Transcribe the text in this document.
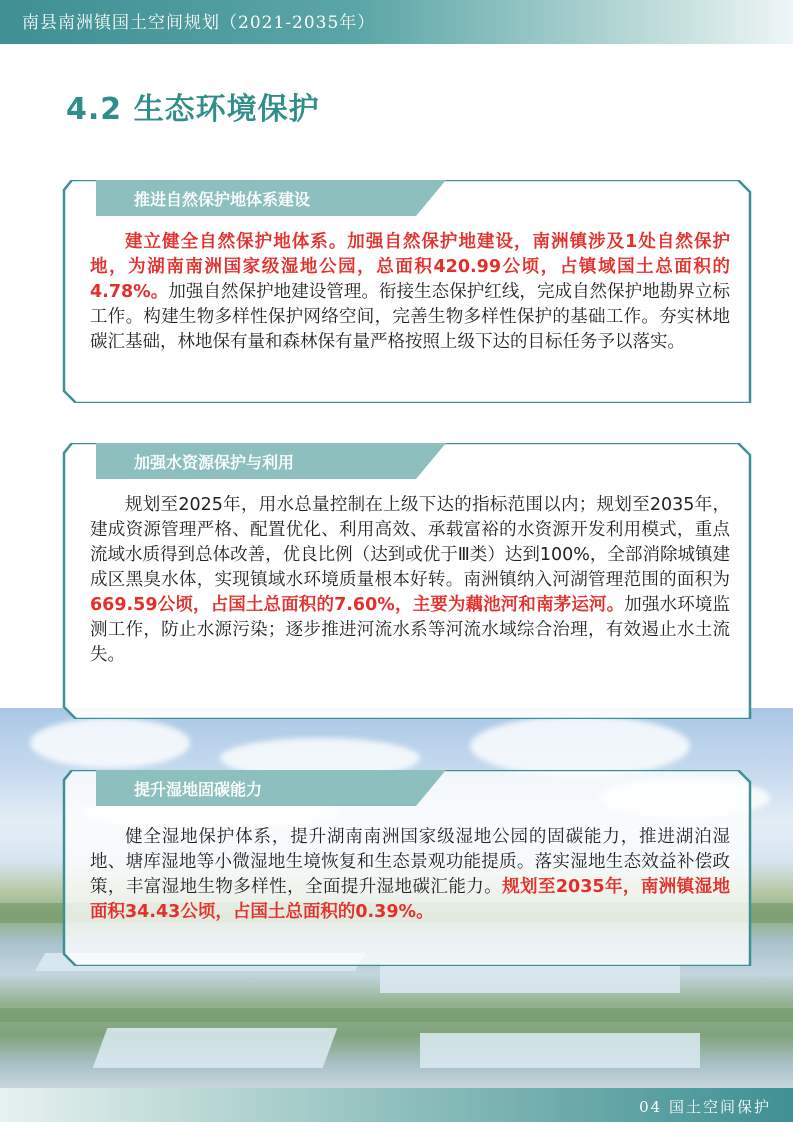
南县南洲镇国土空间规划（2021-2035年）
4.2 生态环境保护
推进自然保护地体系建设
建立健全自然保护地体系。加强自然保护地建设，南洲镇涉及1处自然保护地，为湖南南洲国家级湿地公园，总面积420.99公顷，占镇域国土总面积的4.78%。加强自然保护地建设管理。衔接生态保护红线，完成自然保护地勘界立标工作。构建生物多样性保护网络空间，完善生物多样性保护的基础工作。夯实林地碳汇基础，林地保有量和森林保有量严格按照上级下达的目标任务予以落实。
加强水资源保护与利用
规划至2025年，用水总量控制在上级下达的指标范围以内；规划至2035年，建成资源管理严格、配置优化、利用高效、承载富裕的水资源开发利用模式，重点流域水质得到总体改善，优良比例（达到或优于Ⅲ类）达到100%，全部消除城镇建成区黑臭水体，实现镇域水环境质量根本好转。南洲镇纳入河湖管理范围的面积为669.59公顷，占国土总面积的7.60%，主要为藕池河和南茅运河。加强水环境监测工作，防止水源污染；逐步推进河流水系等河流水域综合治理，有效遏止水土流失。
提升湿地固碳能力
健全湿地保护体系，提升湖南南洲国家级湿地公园的固碳能力，推进湖泊湿地、塘库湿地等小微湿地生境恢复和生态景观功能提质。落实湿地生态效益补偿政策，丰富湿地生物多样性，全面提升湿地碳汇能力。规划至2035年，南洲镇湿地面积34.43公顷，占国土总面积的0.39%。
04 国土空间保护
